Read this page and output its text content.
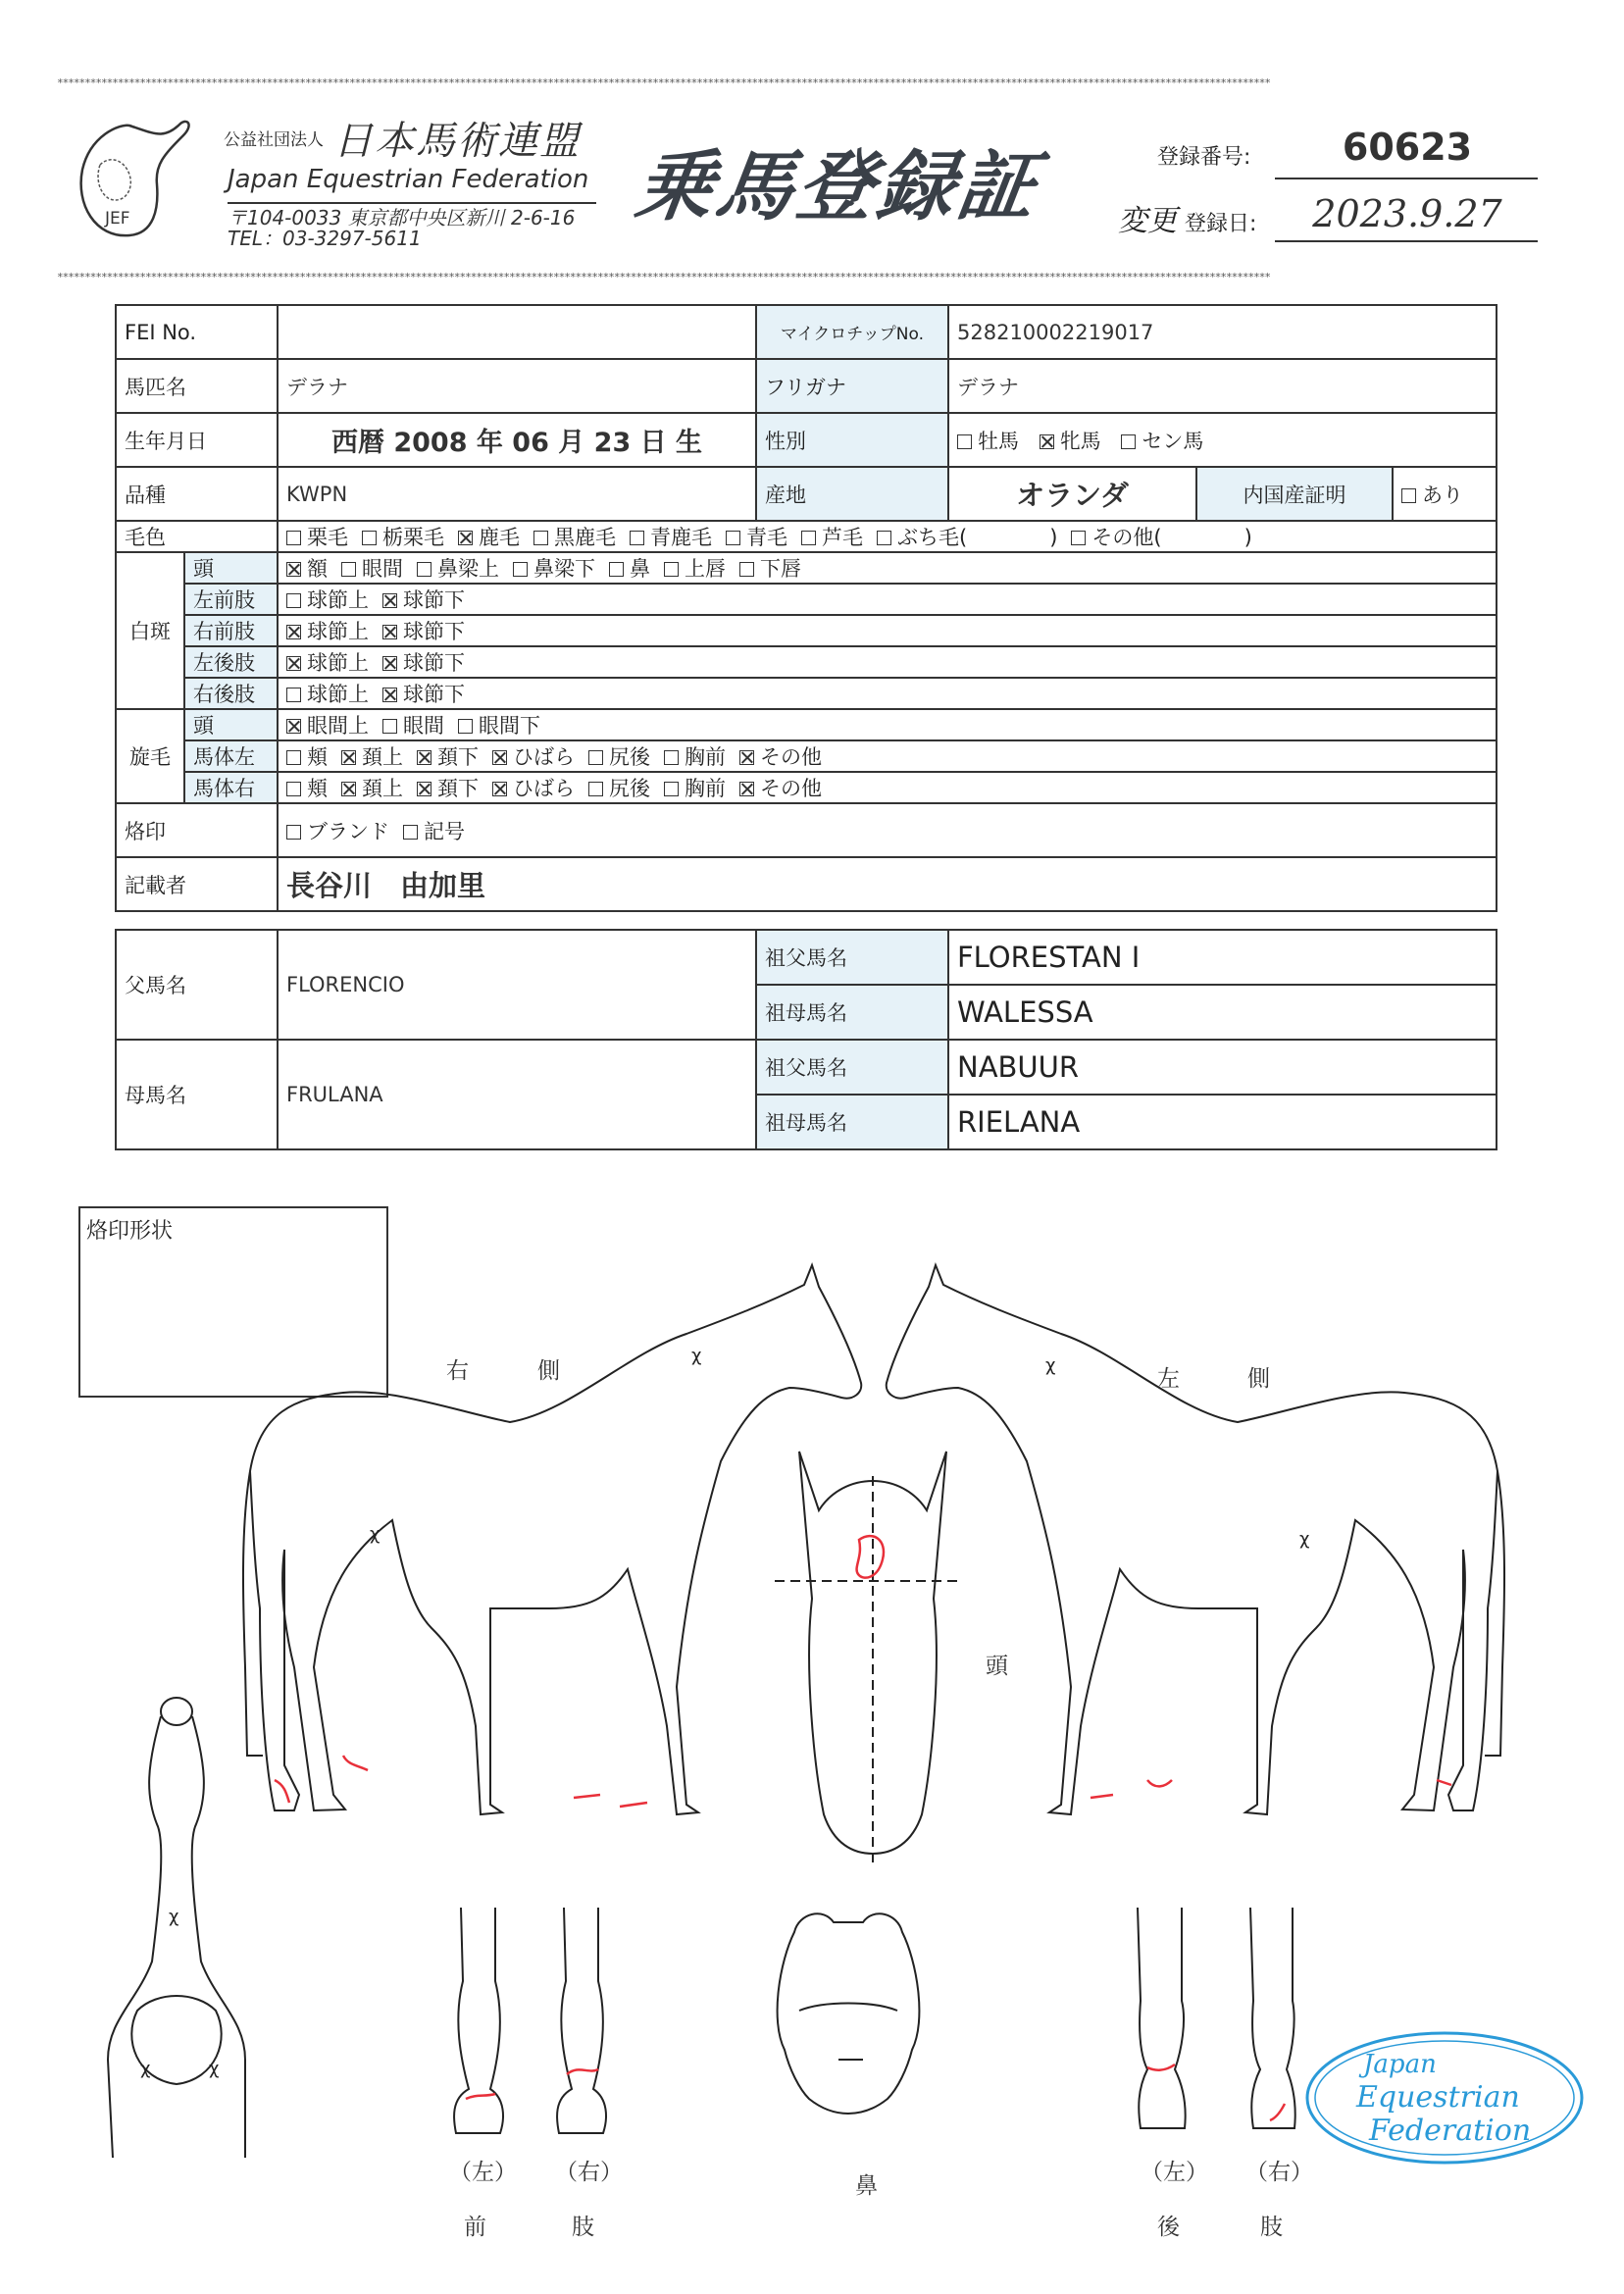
****************************************************************************************************************************************************************************************************************************
****************************************************************************************************************************************************************************************************************************
JEF
公益社団法人 日本馬術連盟
Japan Equestrian Federation
〒104-0033 東京都中央区新川 2-6-16
TEL：03-3297-5611
乗馬登録証	登録番号:	60623
変更 登録日:	2023.9.27
FEI No.		マイクロチップNo.	528210002219017		
馬匹名	デラナ	フリガナ	デラナ		
生年月日	西暦 2008 年 06 月 23 日 生	性別	牡馬 牝馬 セン馬		
品種	KWPN	産地	オランダ	内国産証明	あり
毛色		栗毛 栃栗毛 鹿毛 黒鹿毛 青鹿毛 青毛 芦毛 ぶち毛(　　　　) その他(　　　　)
白斑	頭	額 眼間 鼻梁上 鼻梁下 鼻 上唇 下唇
	左前肢	球節上 球節下
	右前肢	球節上 球節下
	左後肢	球節上 球節下
	右後肢	球節上 球節下
旋毛	頭	眼間上 眼間 眼間下
	馬体左	頬 頚上 頚下 ひばら 尻後 胸前 その他
	馬体右	頬 頚上 頚下 ひばら 尻後 胸前 その他
烙印		ブランド 記号
記載者		長谷川　由加里
父馬名	FLORENCIO	祖父馬名	FLORESTAN I
		祖母馬名	WALESSA
母馬名	FRULANA	祖父馬名	NABUUR
		祖母馬名	RIELANA
烙印形状
χ
χ
χ
χ
χ
χ	χ
右	側	左	側
頭
鼻
（左） （右）
前	肢
（左） （右）
後	肢
Japan
Equestrian
Federation
